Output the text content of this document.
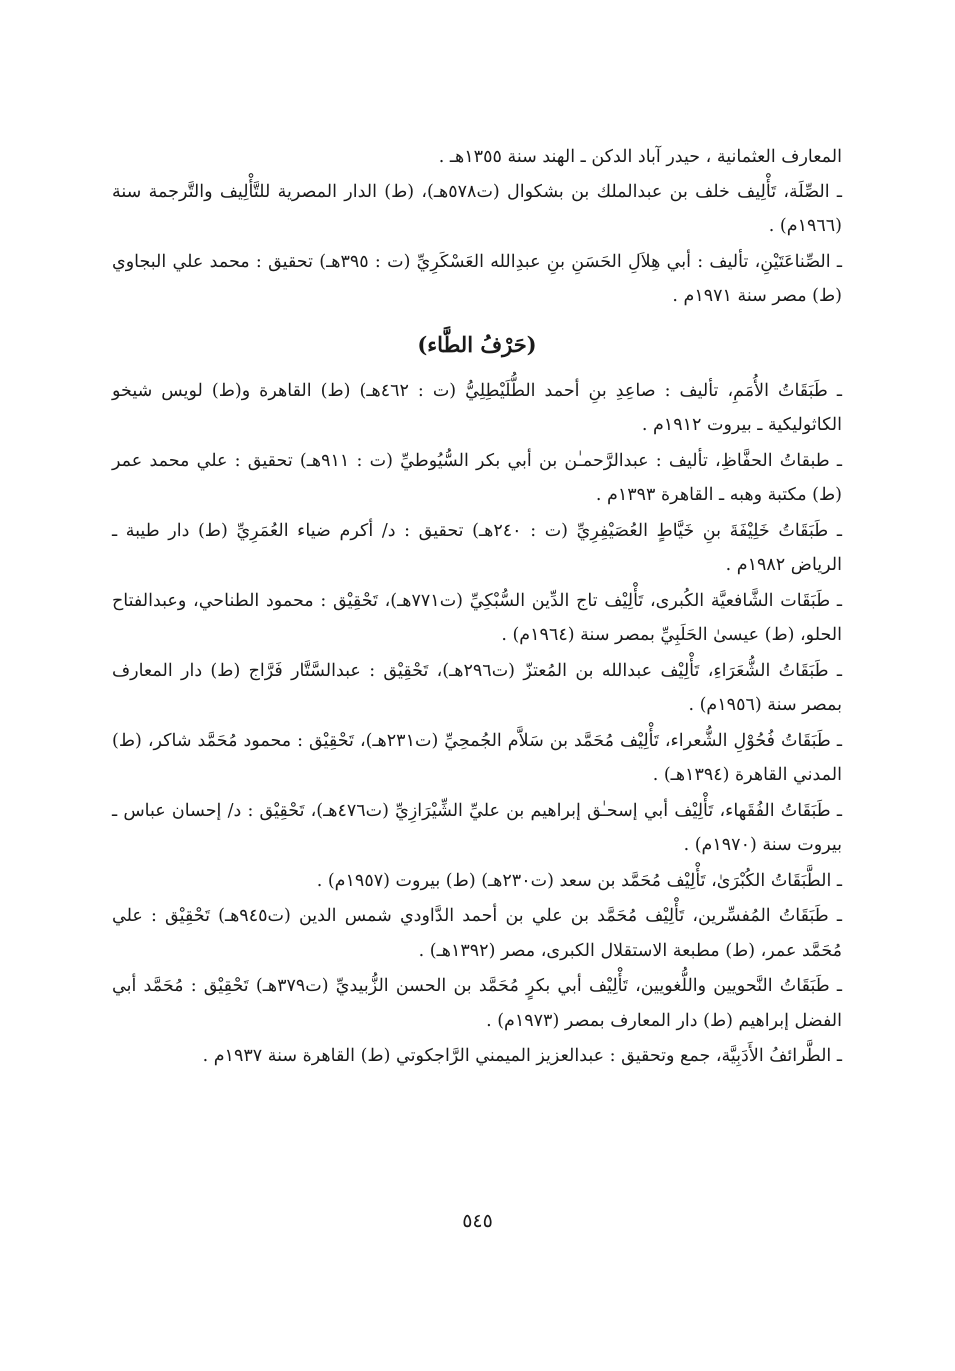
المعارف العثمانية ، حيدر آباد الدكن ـ الهند سنة ١٣٥٥هـ .

ـ الصِّلَة، تَأْلِيف خلف بن عبدالملك بن بشكوال (ت٥٧٨هـ)، (ط) الدار المصرية للتَّأْلِيف والتَّرجمة سنة (١٩٦٦م) .

ـ الصِّناعَتَيْنِ، تأليف : أبي هِلاَلِ الحَسَنِ بنِ عبدِالله العَسْكَرِيِّ (ت : ٣٩٥هـ) تحقيق : محمد علي البجاوي (ط) مصر سنة ١٩٧١م .

(حَرْفُ الطَّاء)

ـ طَبَقَاتُ الأُمَمِ، تأليف : صاعِدِ بنِ أحمد الطُّلَيْطِلِيُّ (ت : ٤٦٢هـ) (ط) القاهرة و(ط) لويس شيخو الكاثوليكية ـ بيروت ١٩١٢م .

ـ طبقاتُ الحفَّاظِ، تأليف : عبدالرَّحمـٰن بن أبي بكر السُّيُوطيِّ (ت : ٩١١هـ) تحقيق : علي محمد عمر (ط) مكتبة وهبه ـ القاهرة ١٣٩٣م .

ـ طَبَقَاتُ خَلِيْفَةَ بنِ خَيَّاطٍ العُصَيْفِرِيِّ (ت : ٢٤٠هـ) تحقيق : د/ أكرم ضياء العُمَرِيِّ (ط) دار طيبة ـ الرياض ١٩٨٢م .

ـ طَبَقَات الشَّافعيَّة الكُبرى، تَأْلِيْف تاج الدِّين السُّبْكِيِّ (ت٧٧١هـ)، تَحْقِيْق : محمود الطناحي، وعبدالفتاح الحلو، (ط) عيسىٰ الحَلَبِيِّ بمصر سنة (١٩٦٤م) .

ـ طَبَقَاتُ الشُّعَرَاءِ، تَأْلِيْف عبدالله بن المُعتزّ (ت٢٩٦هـ)، تَحْقِيْق : عبدالسَّتَّار فَرَّاج (ط) دار المعارف بمصر سنة (١٩٥٦م) .

ـ طَبَقَاتُ فُحُوْلِ الشُّعراء، تَأْلِيْف مُحَمَّد بن سَلاَّم الجُمحِيِّ (ت٢٣١هـ)، تَحْقِيْق : محمود مُحَمَّد شاكر، (ط) المدني القاهرة (١٣٩٤هـ) .

ـ طَبَقَاتُ الفُقَهاء، تَأْلِيْف أبي إسحـٰق إبراهيم بن عليِّ الشِّيْرَازِيِّ (ت٤٧٦هـ)، تَحْقِيْق : د/ إحسان عباس ـ بيروت سنة (١٩٧٠م) .

ـ الطَّبَقَاتُ الكُبْرَىٰ، تَأْلِيْف مُحَمَّد بن سعد (ت٢٣٠هـ) (ط) بيروت (١٩٥٧م) .

ـ طَبَقَاتُ المُفسِّرين، تَأْلِيْف مُحَمَّد بن علي بن أحمد الدَّاودي شمس الدين (ت٩٤٥هـ) تَحْقِيْق : علي مُحَمَّد عمر، (ط) مطبعة الاستقلال الكبرى، مصر (١٣٩٢هـ) .

ـ طَبَقَاتُ النَّحويين واللُّغويين، تَأْلِيْف أبي بكرٍ مُحَمَّد بن الحسن الزُّبيديِّ (ت٣٧٩هـ) تَحْقِيْق : مُحَمَّد أبي الفضل إبراهيم (ط) دار المعارف بمصر (١٩٧٣م) .

ـ الطَّرائفُ الأَدَبِيَّة، جمع وتحقيق : عبدالعزيز الميمني الرَّاجكوتي (ط) القاهرة سنة ١٩٣٧م .

٥٤٥
